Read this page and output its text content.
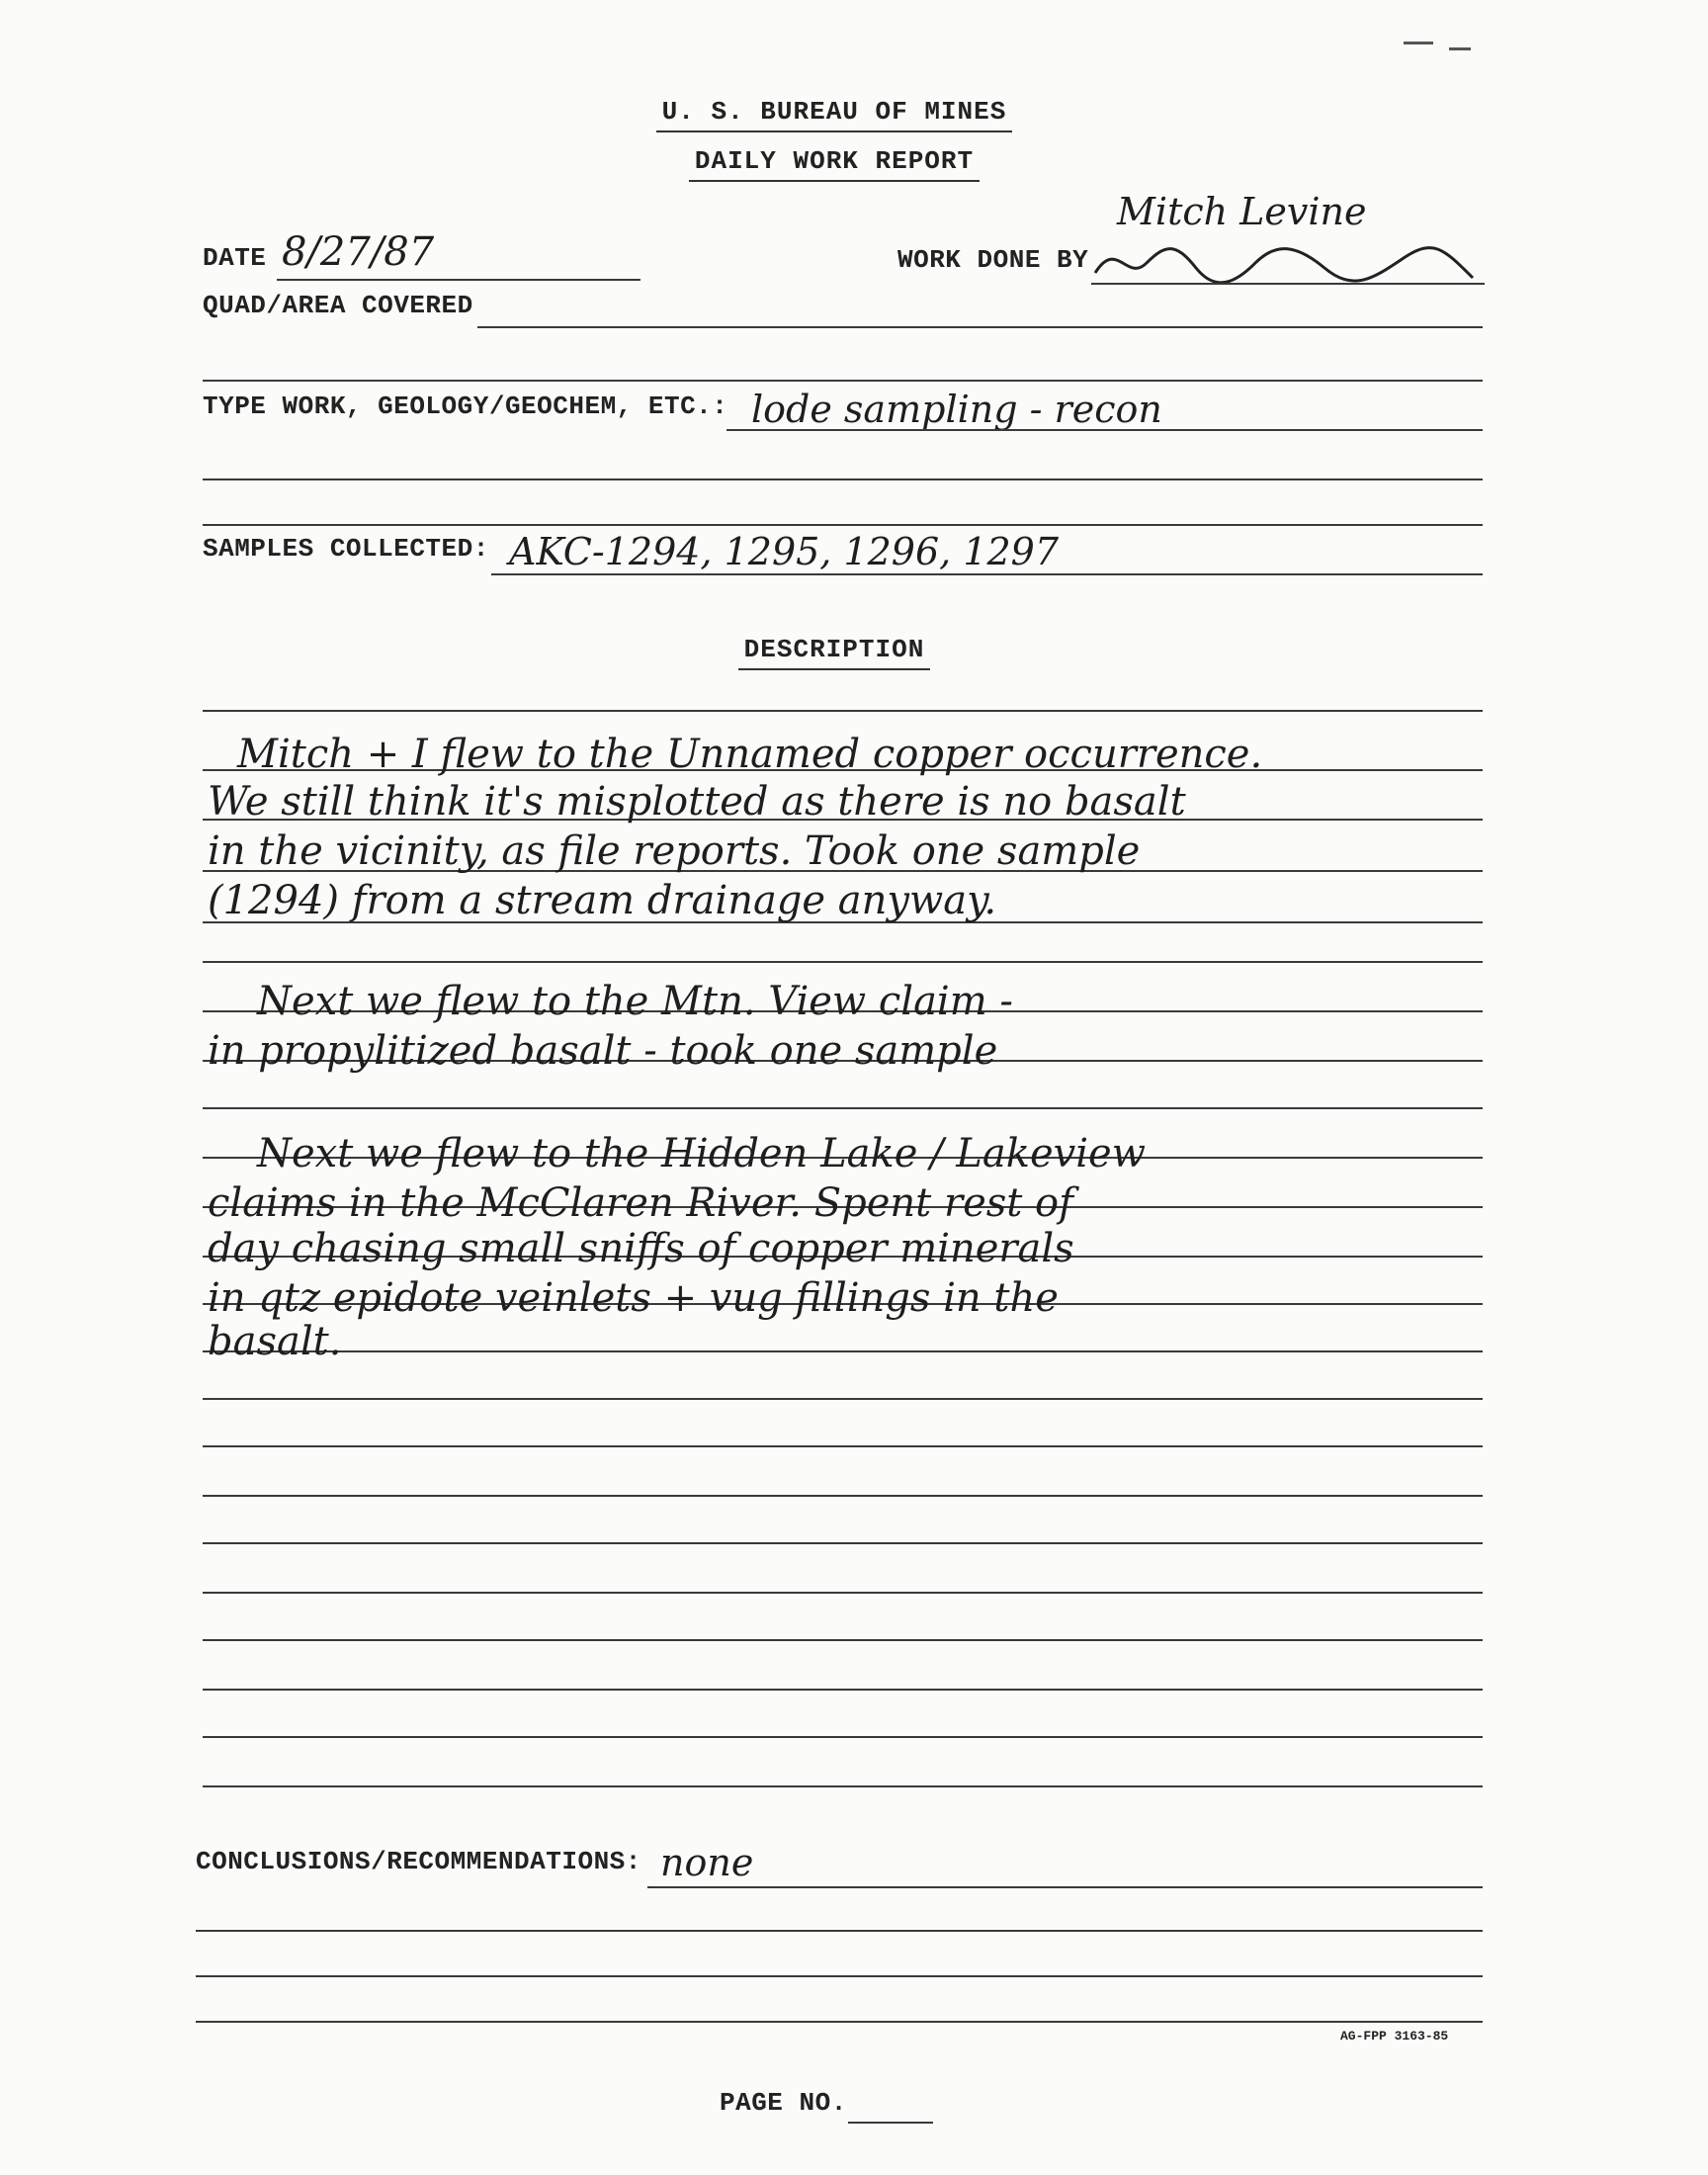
U. S. BUREAU OF MINES
DAILY WORK REPORT
DATE 8/27/87	WORK DONE BY
Mitch Levine
QUAD/AREA COVERED
TYPE WORK, GEOLOGY/GEOCHEM, ETC.: lode sampling - recon
SAMPLES COLLECTED: AKC-1294, 1295, 1296, 1297
DESCRIPTION
Mitch + I flew to the Unnamed copper occurrence.
We still think it's misplotted as there is no basalt
in the vicinity, as file reports. Took one sample
(1294) from a stream drainage anyway.
Next we flew to the Mtn. View claim -
in propylitized basalt - took one sample
Next we flew to the Hidden Lake / Lakeview
claims in the McClaren River. Spent rest of
day chasing small sniffs of copper minerals
in qtz epidote veinlets + vug fillings in the
basalt.
CONCLUSIONS/RECOMMENDATIONS: none
AG-FPP 3163-85
PAGE NO.
